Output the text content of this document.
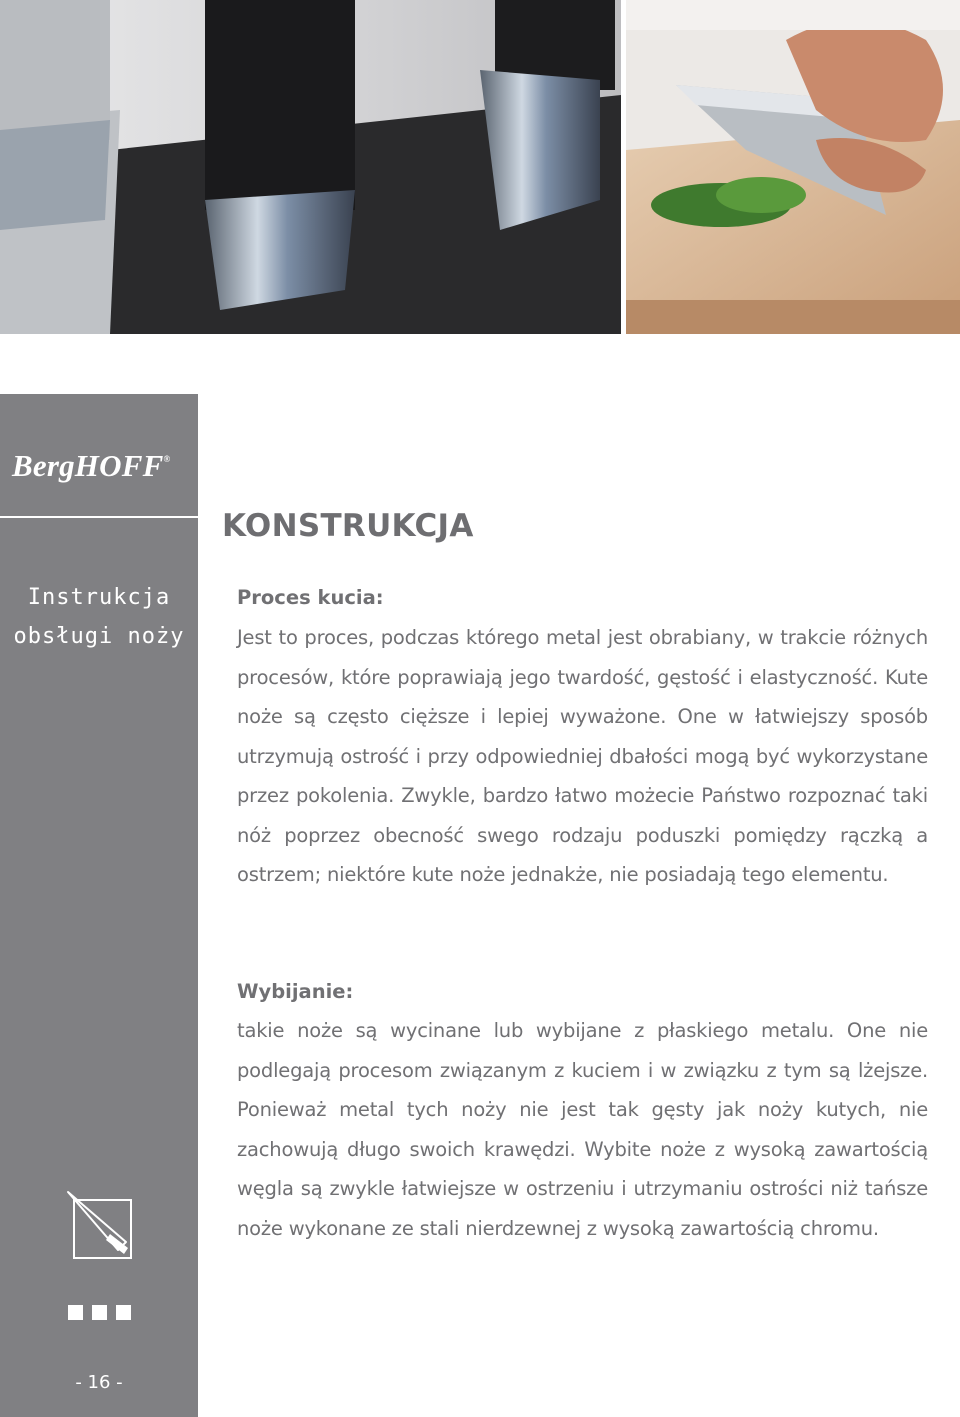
BergHOFF®
Instrukcja
obsługi noży
- 16 -
KONSTRUKCJA
Proces kucia:

Jest to proces, podczas którego metal jest obrabiany, w trakcie różnych procesów, które poprawiają jego twardość, gęstość i elastyczność. Kute noże są często cięższe i lepiej wyważone. One w łatwiejszy sposób utrzymują ostrość i przy odpowiedniej dbałości mogą być wykorzystane przez pokolenia. Zwykle, bardzo łatwo możecie Państwo rozpoznać taki nóż poprzez obecność swego rodzaju poduszki pomiędzy rączką a ostrzem; niektóre kute noże jednakże, nie posiadają tego elementu.

Wybijanie:

takie noże są wycinane lub wybijane z płaskiego metalu. One nie podlegają procesom związanym z kuciem i w związku z tym są lżejsze. Ponieważ metal tych noży nie jest tak gęsty jak noży kutych, nie zachowują długo swoich krawędzi. Wybite noże z wysoką zawartością węgla są zwykle łatwiejsze w ostrzeniu i utrzymaniu ostrości niż tańsze noże wykonane ze stali nierdzewnej z wysoką zawartością chromu.
